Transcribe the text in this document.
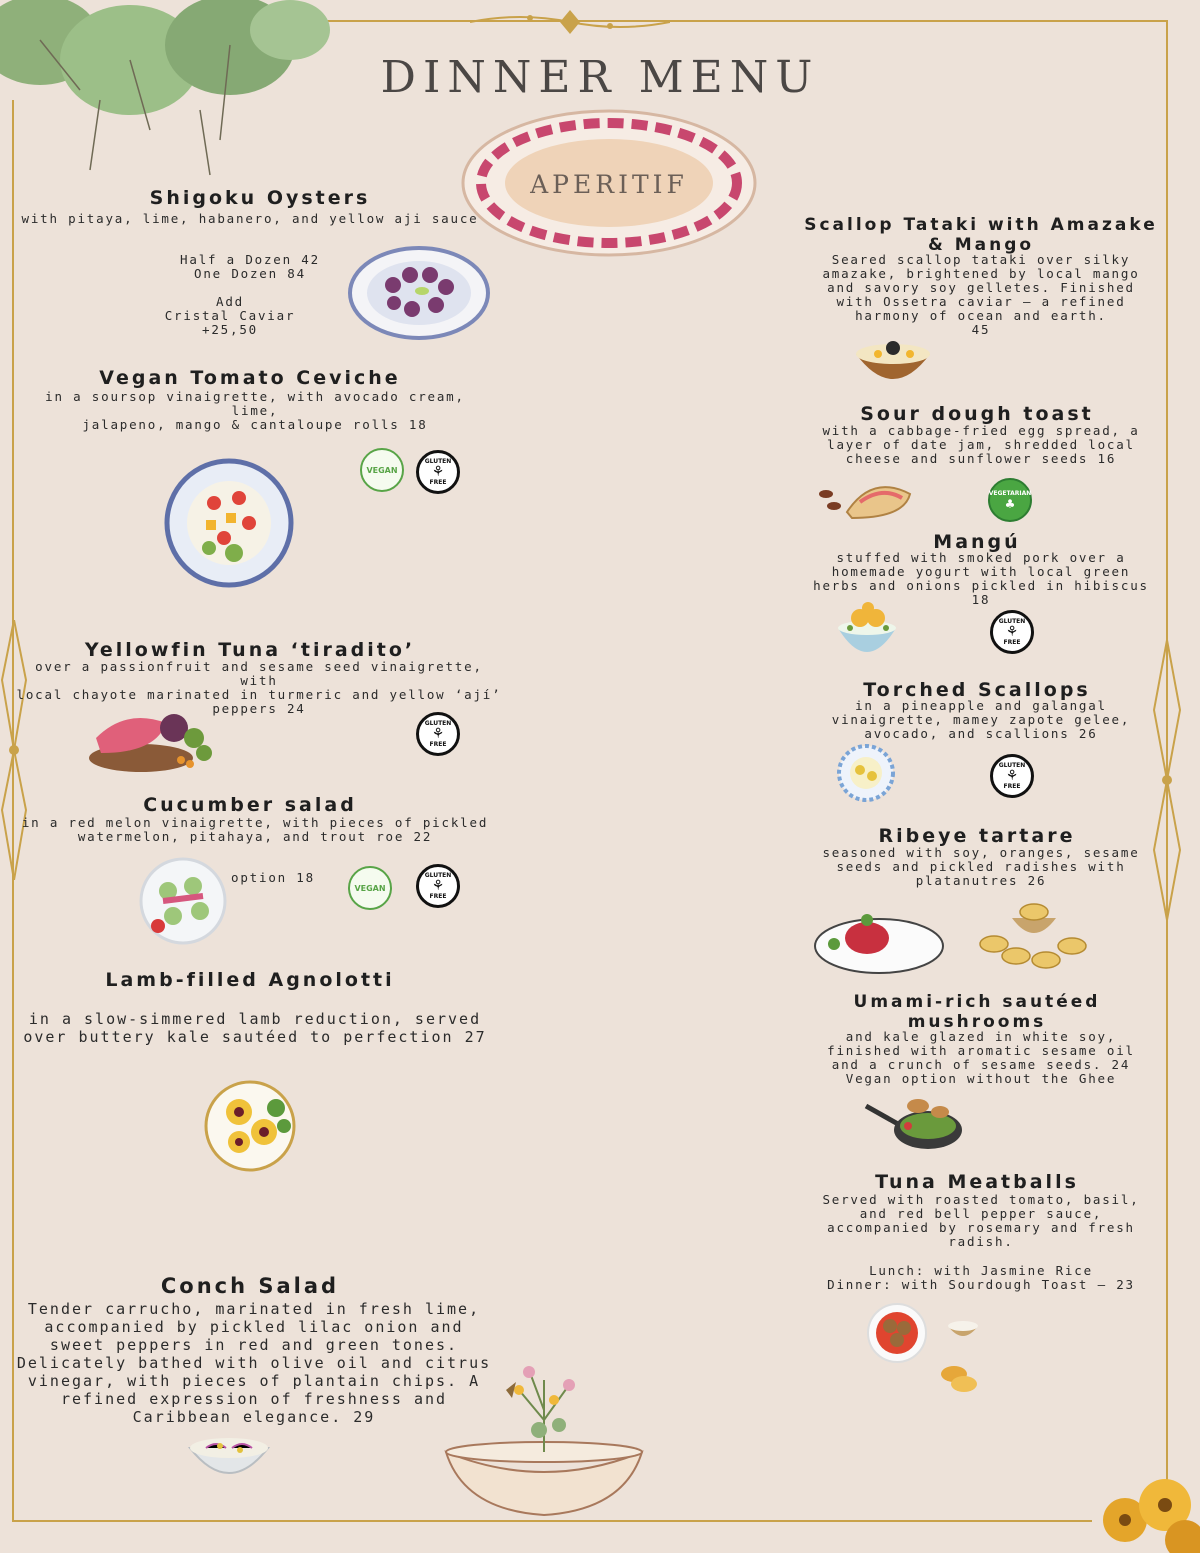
DINNER MENU
APERITIF
Shigoku Oysters
with pitaya, lime, habanero, and yellow aji sauce
Half a Dozen 42
One Dozen 84
Add
Cristal Caviar
+25,50
Vegan Tomato Ceviche
in a soursop vinaigrette, with avocado cream, lime,
jalapeno, mango & cantaloupe rolls 18
VEGAN
GLUTEN
⚘
FREE
Yellowfin Tuna ‘tiradito’
over a passionfruit and sesame seed vinaigrette, with
local chayote marinated in turmeric and yellow ‘ají’
peppers 24
GLUTEN
⚘
FREE
Cucumber salad
in a red melon vinaigrette, with pieces of pickled
watermelon, pitahaya, and trout roe 22
option 18
VEGAN
GLUTEN
⚘
FREE
Lamb-filled Agnolotti
in a slow-simmered lamb reduction, served
over buttery kale sautéed to perfection 27
Conch Salad
Tender carrucho, marinated in fresh lime,
accompanied by pickled lilac onion and
sweet peppers in red and green tones.
Delicately bathed with olive oil and citrus
vinegar, with pieces of plantain chips. A
refined expression of freshness and
Caribbean elegance. 29
Scallop Tataki with Amazake
& Mango
Seared scallop tataki over silky
amazake, brightened by local mango
and savory soy gelletes. Finished
with Ossetra caviar — a refined
harmony of ocean and earth.
45
Sour dough toast
with a cabbage-fried egg spread, a
layer of date jam, shredded local
cheese and sunflower seeds 16
VEGETARIAN
♣
Mangú
stuffed with smoked pork over a
homemade yogurt with local green
herbs and onions pickled in hibiscus
18
GLUTEN
⚘
FREE
Torched Scallops
in a pineapple and galangal
vinaigrette, mamey zapote gelee,
avocado, and scallions 26
GLUTEN
⚘
FREE
Ribeye tartare
seasoned with soy, oranges, sesame
seeds and pickled radishes with
platanutres 26
Umami-rich sautéed
mushrooms
and kale glazed in white soy,
finished with aromatic sesame oil
and a crunch of sesame seeds. 24
Vegan option without the Ghee
Tuna Meatballs
Served with roasted tomato, basil,
and red bell pepper sauce,
accompanied by rosemary and fresh
radish.
Lunch: with Jasmine Rice
Dinner: with Sourdough Toast — 23
